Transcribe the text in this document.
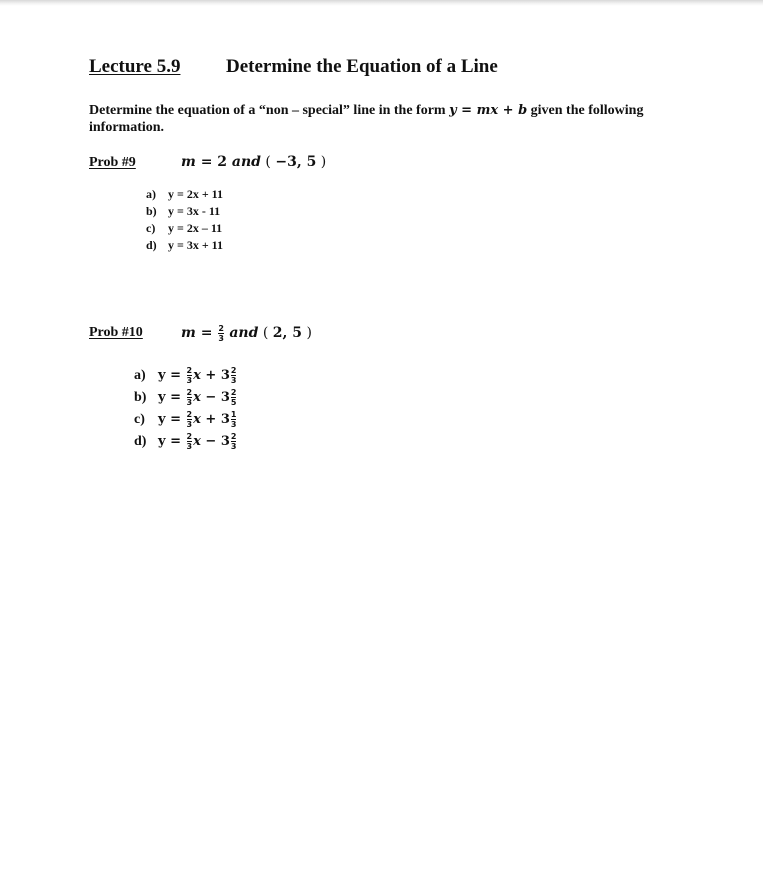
Lecture 5.9 Determine the Equation of a Line
Determine the equation of a “non – special” line in the form y = mx + b given the following information.
Prob #9	m = 2 and ( −3, 5 )
a) y = 2x + 11
b) y = 3x - 11
c) y = 2x – 11
d) y = 3x + 11
Prob #10	$m = \frac{2}{3}$ and ( 2, 5 )
a) $y = \frac{2}{3}$ $x + 3 \frac{2}{3}$
b) $y = \frac{2}{3}$ $x - 3 \frac{2}{5}$
c) $y = \frac{2}{3}$ $x + 3 \frac{1}{3}$
d) $y = \frac{2}{3}$ $x - 3 \frac{2}{3}$
